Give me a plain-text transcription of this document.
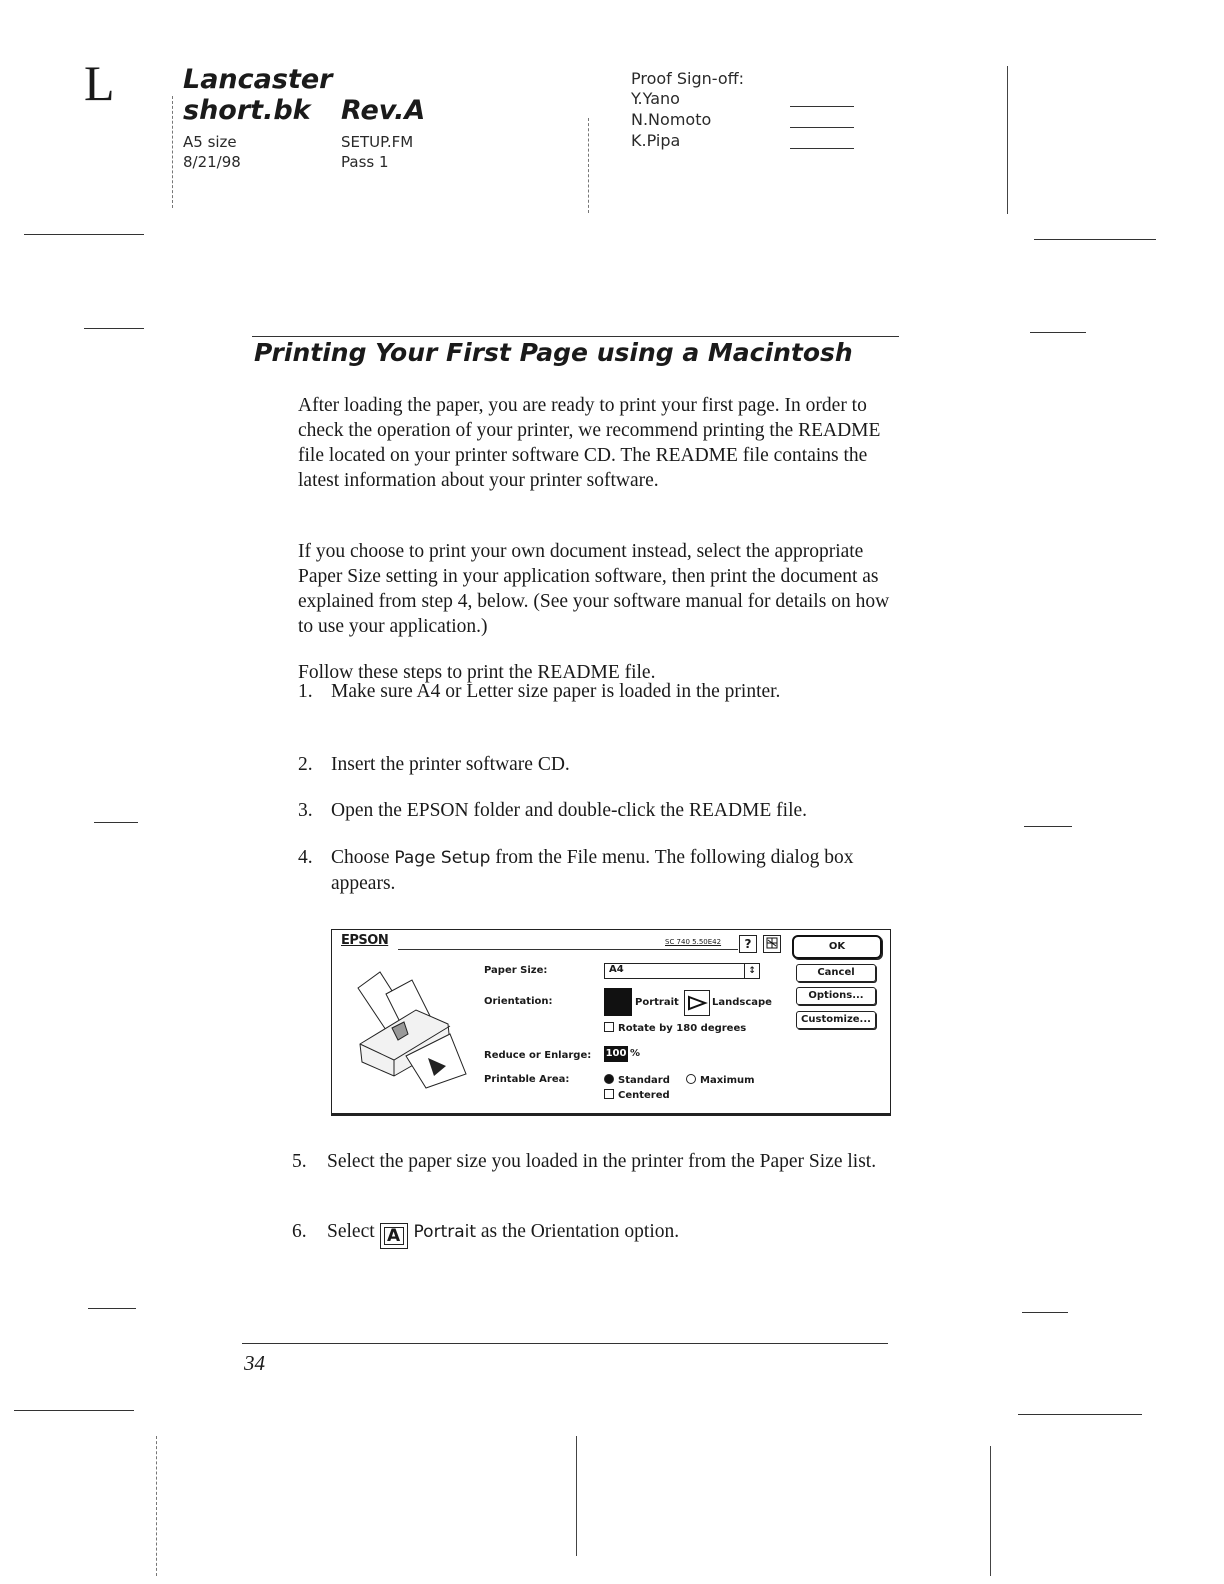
L	Lancaster
short.bk Rev.A
A5 size
8/21/98
SETUP.FM
Pass 1
Proof Sign-off:
Y.Yano
N.Nomoto
K.Pipa
Printing Your First Page using a Macintosh
After loading the paper, you are ready to print your first page. In order to check the operation of your printer, we recommend printing the README file located on your printer software CD. The README file contains the latest information about your printer software.
If you choose to print your own document instead, select the appropriate Paper Size setting in your application software, then print the document as explained from step 4, below. (See your software manual for details on how to use your application.)
Follow these steps to print the README file.
1. Make sure A4 or Letter size paper is loaded in the printer.
2. Insert the printer software CD.
3. Open the EPSON folder and double-click the README file.
4. Choose Page Setup from the File menu. The following dialog box appears.
EPSON	SC 740 5.50E42	?	OK
Cancel
Options...
Customize...
Paper Size:	A4	↕
Orientation:	Portrait	Landscape
Rotate by 180 degrees
Reduce or Enlarge: 100 %
Printable Area:	Standard	Maximum
Centered
5. Select the paper size you loaded in the printer from the Paper Size list.
6. Select A Portrait as the Orientation option.
34
